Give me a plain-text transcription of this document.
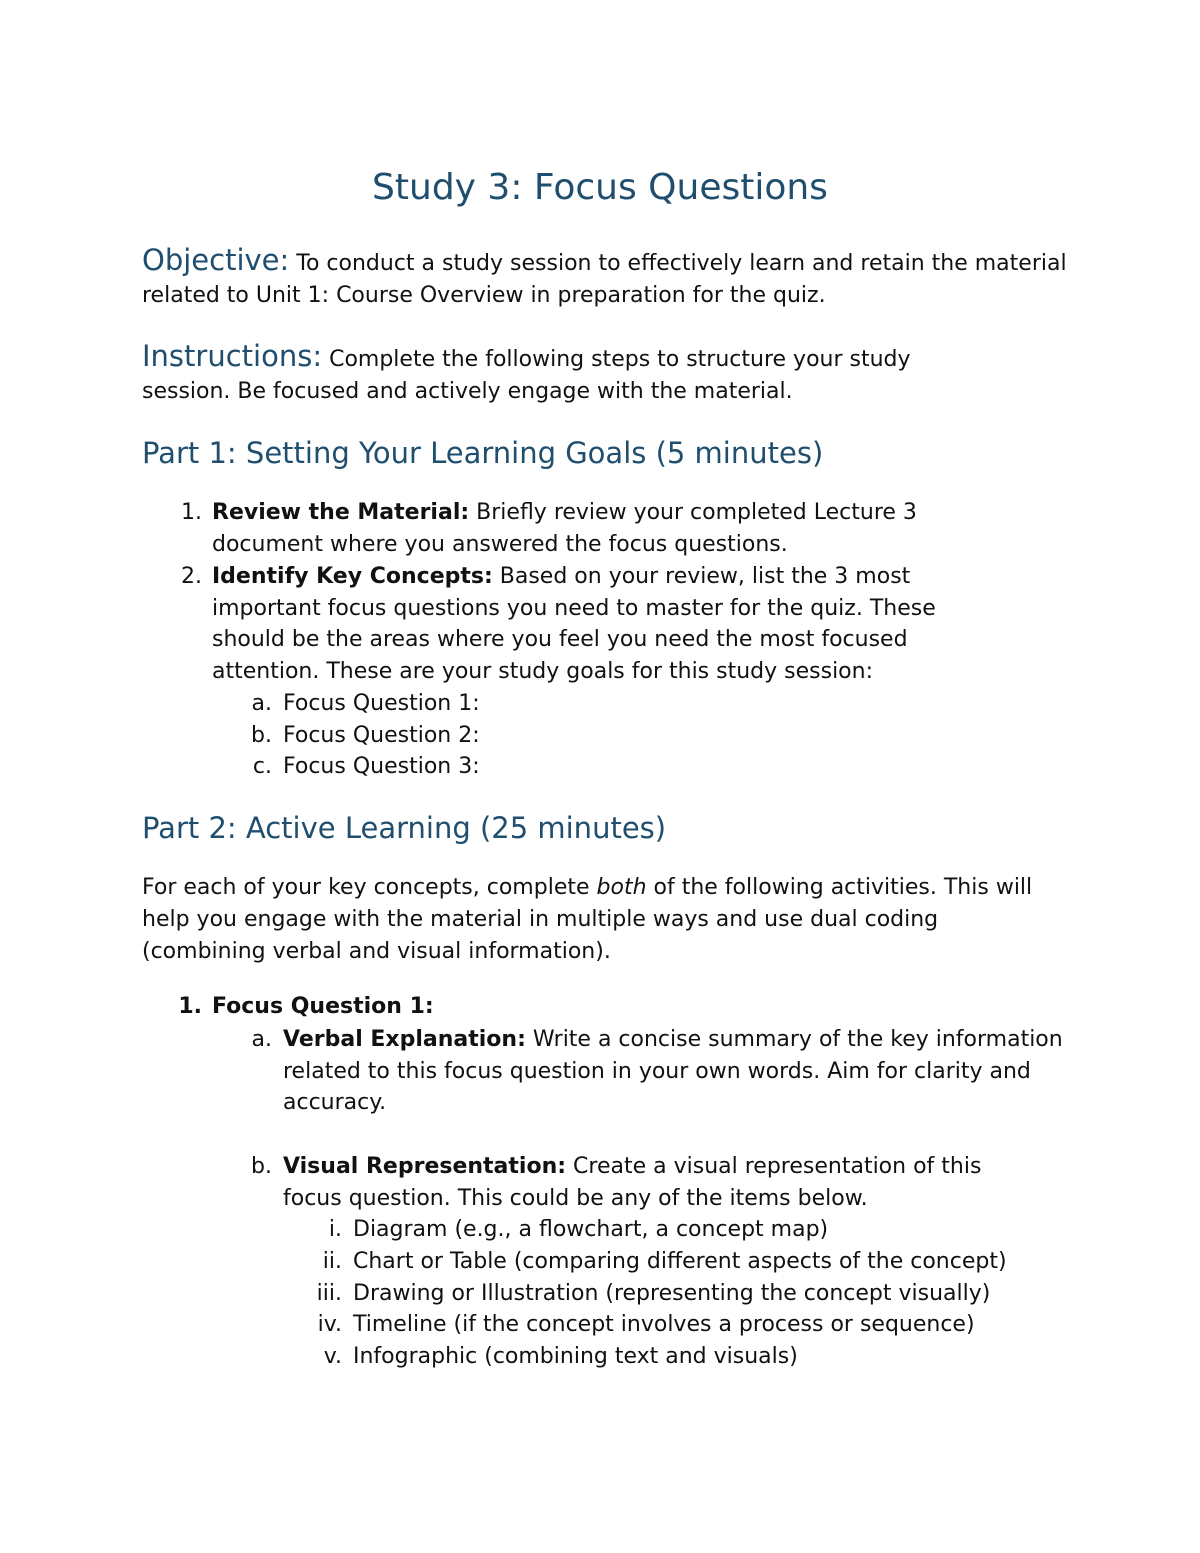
Study 3: Focus Questions

Objective: To conduct a study session to effectively learn and retain the material related to Unit 1: Course Overview in preparation for the quiz.

Instructions: Complete the following steps to structure your study session. Be focused and actively engage with the material.

Part 1: Setting Your Learning Goals (5 minutes)
1. Review the Material: Briefly review your completed Lecture 3 document where you answered the focus questions.
2. Identify Key Concepts: Based on your review, list the 3 most important focus questions you need to master for the quiz. These should be the areas where you feel you need the most focused attention. These are your study goals for this study session:
a. Focus Question 1:
b. Focus Question 2:
c. Focus Question 3:
Part 2: Active Learning (25 minutes)

For each of your key concepts, complete both of the following activities. This will help you engage with the material in multiple ways and use dual coding (combining verbal and visual information).

1. Focus Question 1:
a. Verbal Explanation: Write a concise summary of the key information related to this focus question in your own words. Aim for clarity and accuracy.
b. Visual Representation: Create a visual representation of this focus question. This could be any of the items below.
i. Diagram (e.g., a flowchart, a concept map)
ii. Chart or Table (comparing different aspects of the concept)
iii. Drawing or Illustration (representing the concept visually)
iv. Timeline (if the concept involves a process or sequence)
v. Infographic (combining text and visuals)
